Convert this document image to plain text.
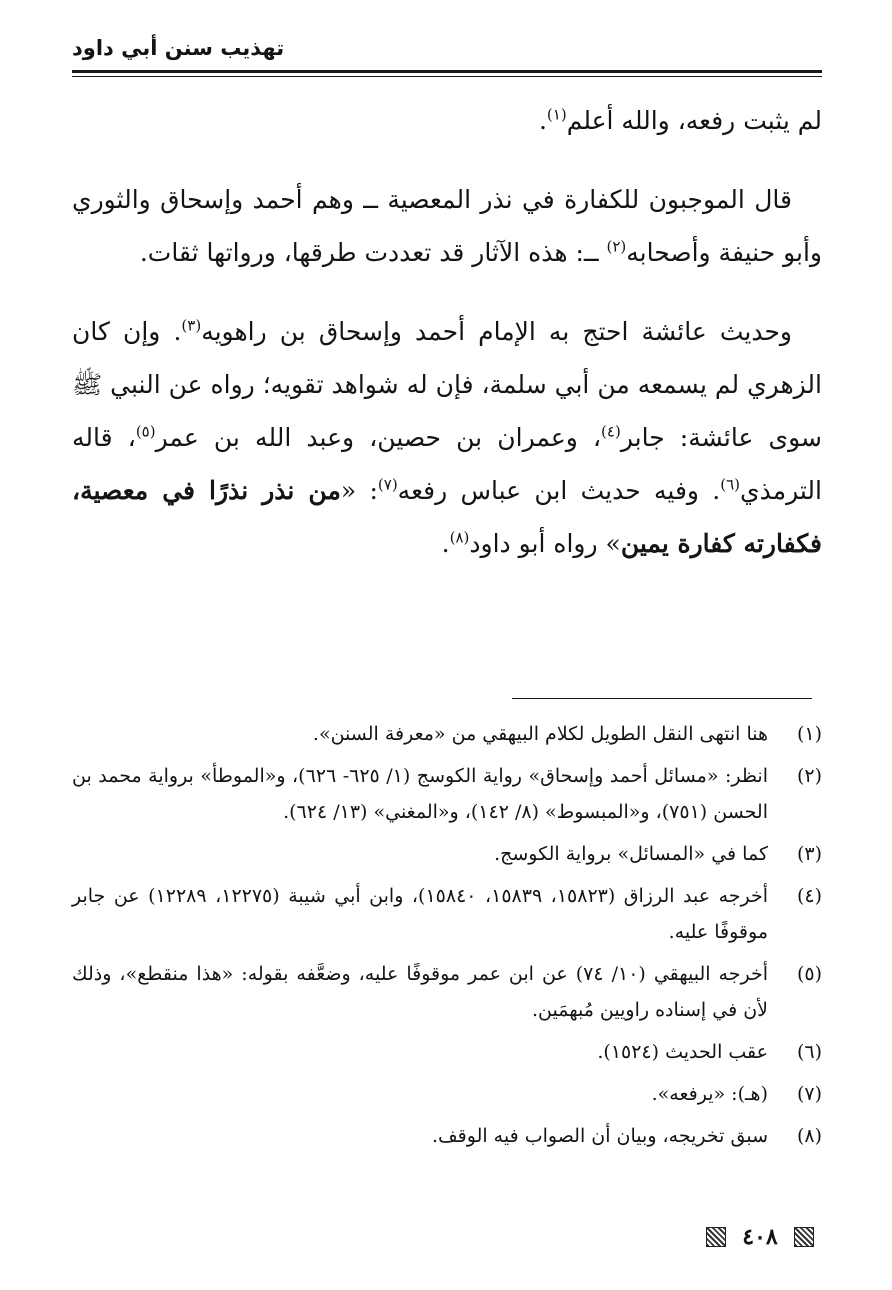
تهذيب سنن أبي داود

لم يثبت رفعه، والله أعلم$^{(١)}$.

قال الموجبون للكفارة في نذر المعصية ــ وهم أحمد وإسحاق والثوري وأبو حنيفة وأصحابه$^{(٢)}$ ــ: هذه الآثار قد تعددت طرقها، ورواتها ثقات.

وحديث عائشة احتج به الإمام أحمد وإسحاق بن راهويه$^{(٣)}$. وإن كان الزهري لم يسمعه من أبي سلمة، فإن له شواهد تقويه؛ رواه عن النبي ﷺ سوى عائشة: جابر$^{(٤)}$، وعمران بن حصين، وعبد الله بن عمر$^{(٥)}$، قاله الترمذي$^{(٦)}$. وفيه حديث ابن عباس رفعه$^{(٧)}$: «من نذر نذرًا في معصية، فكفارته كفارة يمين» رواه أبو داود$^{(٨)}$.

(١)
هنا انتهى النقل الطويل لكلام البيهقي من «معرفة السنن».
(٢)
انظر: «مسائل أحمد وإسحاق» رواية الكوسج (١/ ٦٢٥- ٦٢٦)، و«الموطأ» برواية محمد بن الحسن (٧٥١)، و«المبسوط» (٨/ ١٤٢)، و«المغني» (١٣/ ٦٢٤).
(٣)
كما في «المسائل» برواية الكوسج.
(٤)
أخرجه عبد الرزاق (١٥٨٢٣، ١٥٨٣٩، ١٥٨٤٠)، وابن أبي شيبة (١٢٢٧٥، ١٢٢٨٩) عن جابر موقوفًا عليه.
(٥)
أخرجه البيهقي (١٠/ ٧٤) عن ابن عمر موقوفًا عليه، وضعَّفه بقوله: «هذا منقطع»، وذلك لأن في إسناده راويين مُبهمَين.
(٦)
عقب الحديث (١٥٢٤).
(٧)
(هـ): «يرفعه».
(٨)
سبق تخريجه، وبيان أن الصواب فيه الوقف.
٤٠٨
